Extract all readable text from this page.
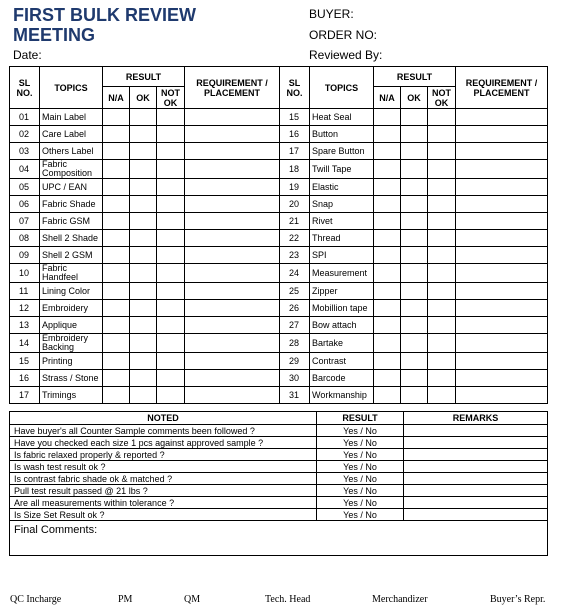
FIRST BULK REVIEW
MEETING
BUYER:
ORDER NO:
Date:	Reviewed By:
SL NO.	TOPICS	RESULT			REQUIREMENT / PLACEMENT	SL NO.	TOPICS	RESULT			REQUIREMENT / PLACEMENT
		N/A	OK	NOT OK				N/A	OK	NOT OK	
01	Main Label					15	Heat Seal				
02	Care Label					16	Button				
03	Others Label					17	Spare Button				
04	Fabric Composition					18	Twill Tape				
05	UPC / EAN					19	Elastic				
06	Fabric Shade					20	Snap				
07	Fabric GSM					21	Rivet				
08	Shell 2 Shade					22	Thread				
09	Shell 2 GSM					23	SPI				
10	Fabric Handfeel					24	Measurement				
11	Lining Color					25	Zipper				
12	Embroidery					26	Mobillion tape				
13	Applique					27	Bow attach				
14	Embroidery Backing					28	Bartake				
15	Printing					29	Contrast				
16	Strass / Stone					30	Barcode				
17	Trimings					31	Workmanship				
NOTED	RESULT	REMARKS
Have buyer's all Counter Sample comments been followed ?	Yes / No	
Have you checked each size 1 pcs against approved sample ?	Yes / No	
Is fabric relaxed properly & reported ?	Yes / No	
Is wash test result ok ?	Yes / No	
Is contrast fabric shade ok & matched ?	Yes / No	
Pull test result passed @ 21 lbs ?	Yes / No	
Are all measurements within tolerance ?	Yes / No	
Is Size Set Result ok ?	Yes / No	
Final Comments:		
QC Incharge	PM	QM	Tech. Head	Merchandizer	Buyer’s Repr.
